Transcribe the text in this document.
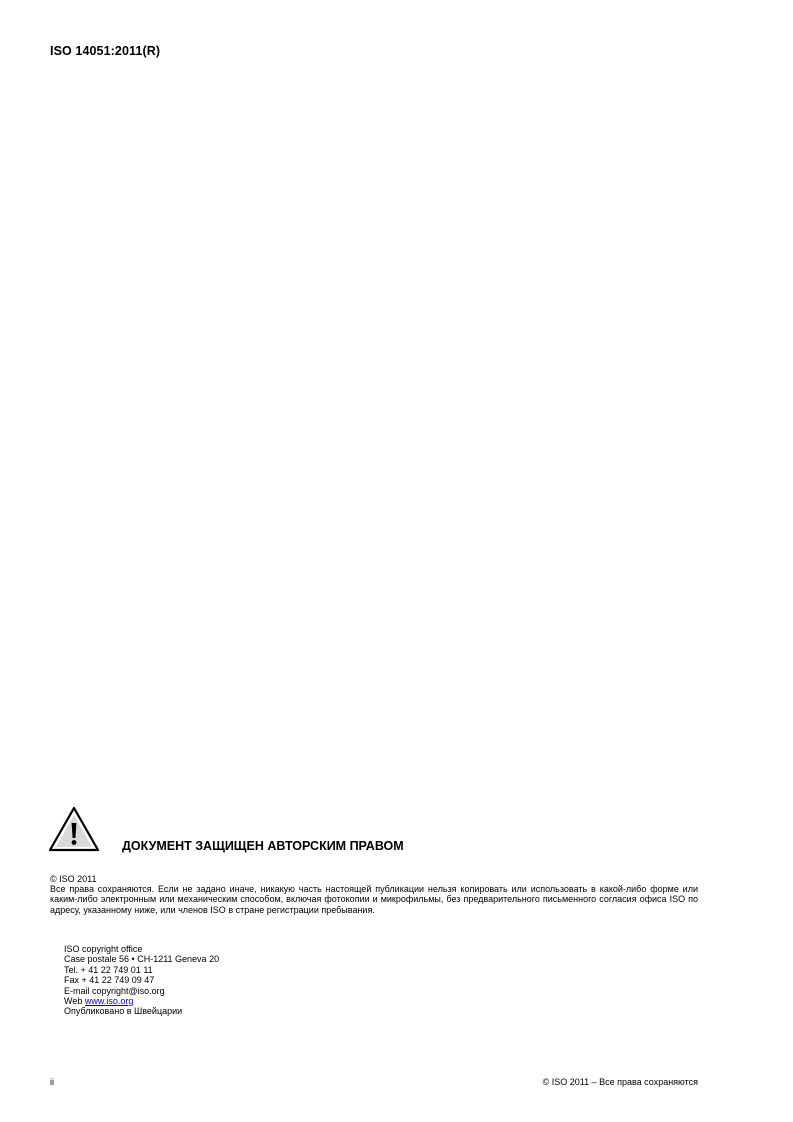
ISO 14051:2011(R)
ДОКУМЕНТ ЗАЩИЩЕН АВТОРСКИМ ПРАВОМ
© ISO 2011
Все права сохраняются. Если не задано иначе, никакую часть настоящей публикации нельзя копировать или использовать в какой-либо форме или каким-либо электронным или механическим способом, включая фотокопии и микрофильмы, без предварительного письменного согласия офиса ISO по адресу, указанному ниже, или членов ISO в стране регистрации пребывания.
ISO copyright office
Case postale 56 • CH-1211 Geneva 20
Tel. + 41 22 749 01 11
Fax + 41 22 749 09 47
E-mail copyright@iso.org
Web www.iso.org
Опубликовано в Швейцарии
ii	© ISO 2011 – Все права сохраняются
